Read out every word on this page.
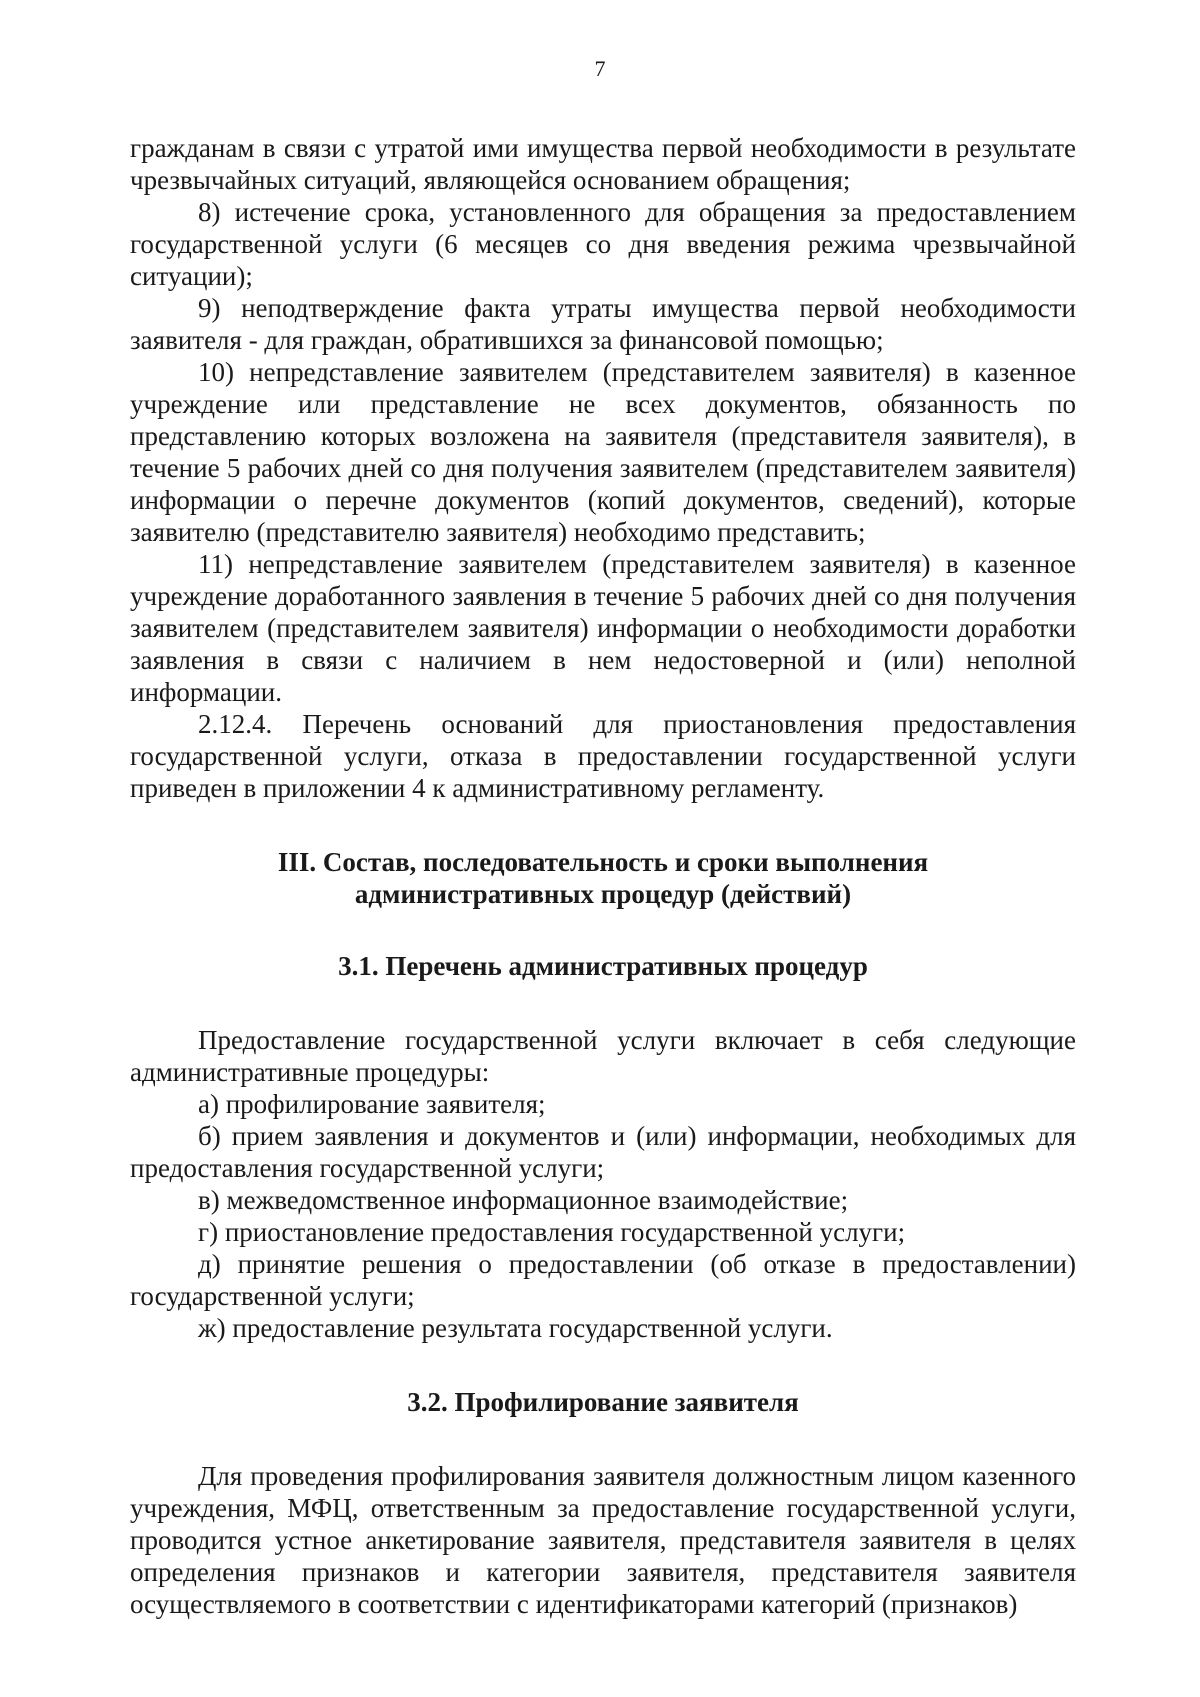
7

гражданам в связи с утратой ими имущества первой необходимости в результате чрезвычайных ситуаций, являющейся основанием обращения;

8) истечение срока, установленного для обращения за предоставлением государственной услуги (6 месяцев со дня введения режима чрезвычайной ситуации);

9) неподтверждение факта утраты имущества первой необходимости заявителя - для граждан, обратившихся за финансовой помощью;

10) непредставление заявителем (представителем заявителя) в казенное учреждение или представление не всех документов, обязанность по представлению которых возложена на заявителя (представителя заявителя), в течение 5 рабочих дней со дня получения заявителем (представителем заявителя) информации о перечне документов (копий документов, сведений), которые заявителю (представителю заявителя) необходимо представить;

11) непредставление заявителем (представителем заявителя) в казенное учреждение доработанного заявления в течение 5 рабочих дней со дня получения заявителем (представителем заявителя) информации о необходимости доработки заявления в связи с наличием в нем недостоверной и (или) неполной информации.

2.12.4. Перечень оснований для приостановления предоставления государственной услуги, отказа в предоставлении государственной услуги приведен в приложении 4 к административному регламенту.

III. Состав, последовательность и сроки выполнения
административных процедур (действий)
3.1. Перечень административных процедур

Предоставление государственной услуги включает в себя следующие административные процедуры:

а) профилирование заявителя;

б) прием заявления и документов и (или) информации, необходимых для предоставления государственной услуги;

в) межведомственное информационное взаимодействие;

г) приостановление предоставления государственной услуги;

д) принятие решения о предоставлении (об отказе в предоставлении) государственной услуги;

ж) предоставление результата государственной услуги.

3.2. Профилирование заявителя

Для проведения профилирования заявителя должностным лицом казенного учреждения, МФЦ, ответственным за предоставление государственной услуги, проводится устное анкетирование заявителя, представителя заявителя в целях определения признаков и категории заявителя, представителя заявителя осуществляемого в соответствии с идентификаторами категорий (признаков)
